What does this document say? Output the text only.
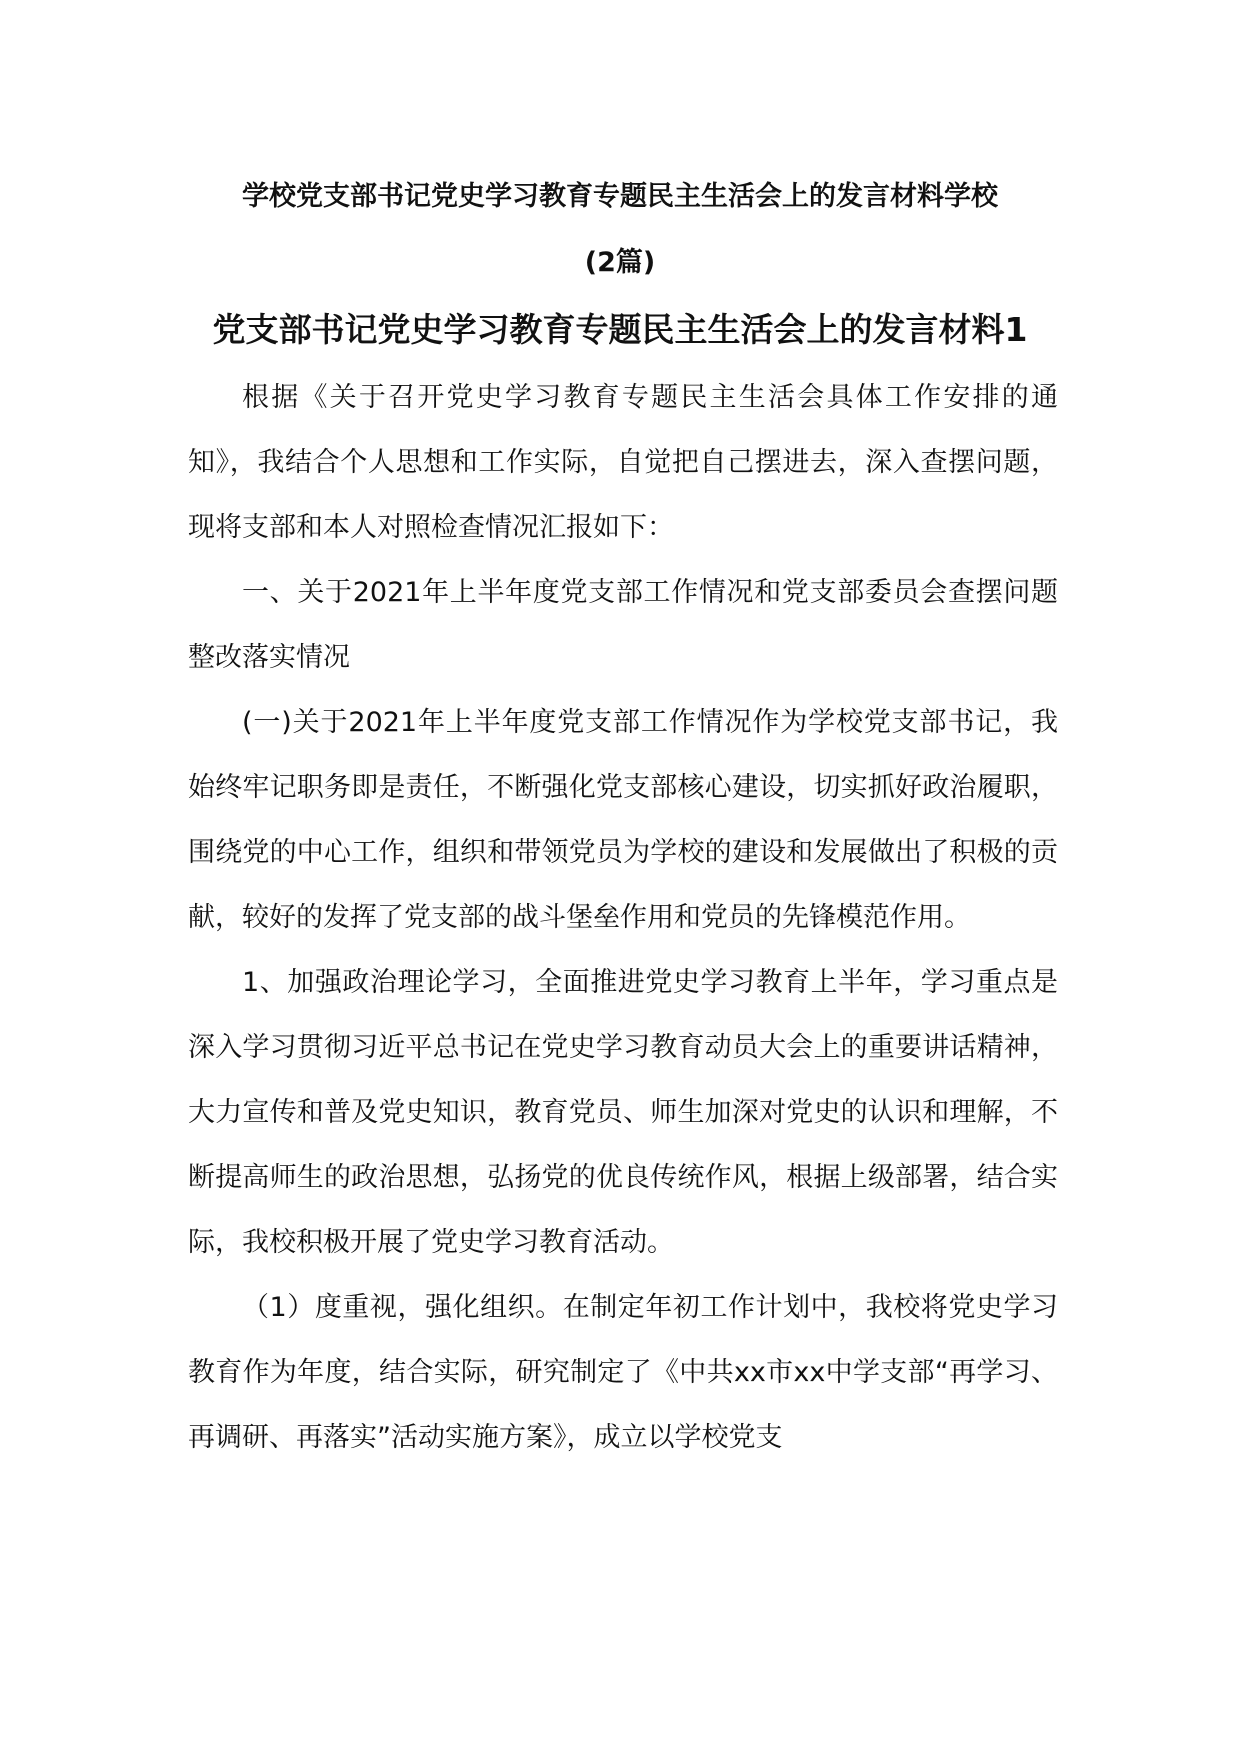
学校党支部书记党史学习教育专题民主生活会上的发言材料学校
(2篇)
党支部书记党史学习教育专题民主生活会上的发言材料1

根据《关于召开党史学习教育专题民主生活会具体工作安排的通知》，我结合个人思想和工作实际，自觉把自己摆进去，深入查摆问题，现将支部和本人对照检查情况汇报如下：

一、关于2021年上半年度党支部工作情况和党支部委员会查摆问题整改落实情况

(一)关于2021年上半年度党支部工作情况作为学校党支部书记，我始终牢记职务即是责任，不断强化党支部核心建设，切实抓好政治履职，围绕党的中心工作，组织和带领党员为学校的建设和发展做出了积极的贡献，较好的发挥了党支部的战斗堡垒作用和党员的先锋模范作用。

1、加强政治理论学习，全面推进党史学习教育上半年，学习重点是深入学习贯彻习近平总书记在党史学习教育动员大会上的重要讲话精神，大力宣传和普及党史知识，教育党员、师生加深对党史的认识和理解，不断提高师生的政治思想，弘扬党的优良传统作风，根据上级部署，结合实际，我校积极开展了党史学习教育活动。

（1）度重视，强化组织。在制定年初工作计划中，我校将党史学习教育作为年度，结合实际，研究制定了《中共xx市xx中学支部“再学习、再调研、再落实”活动实施方案》，成立以学校党支
